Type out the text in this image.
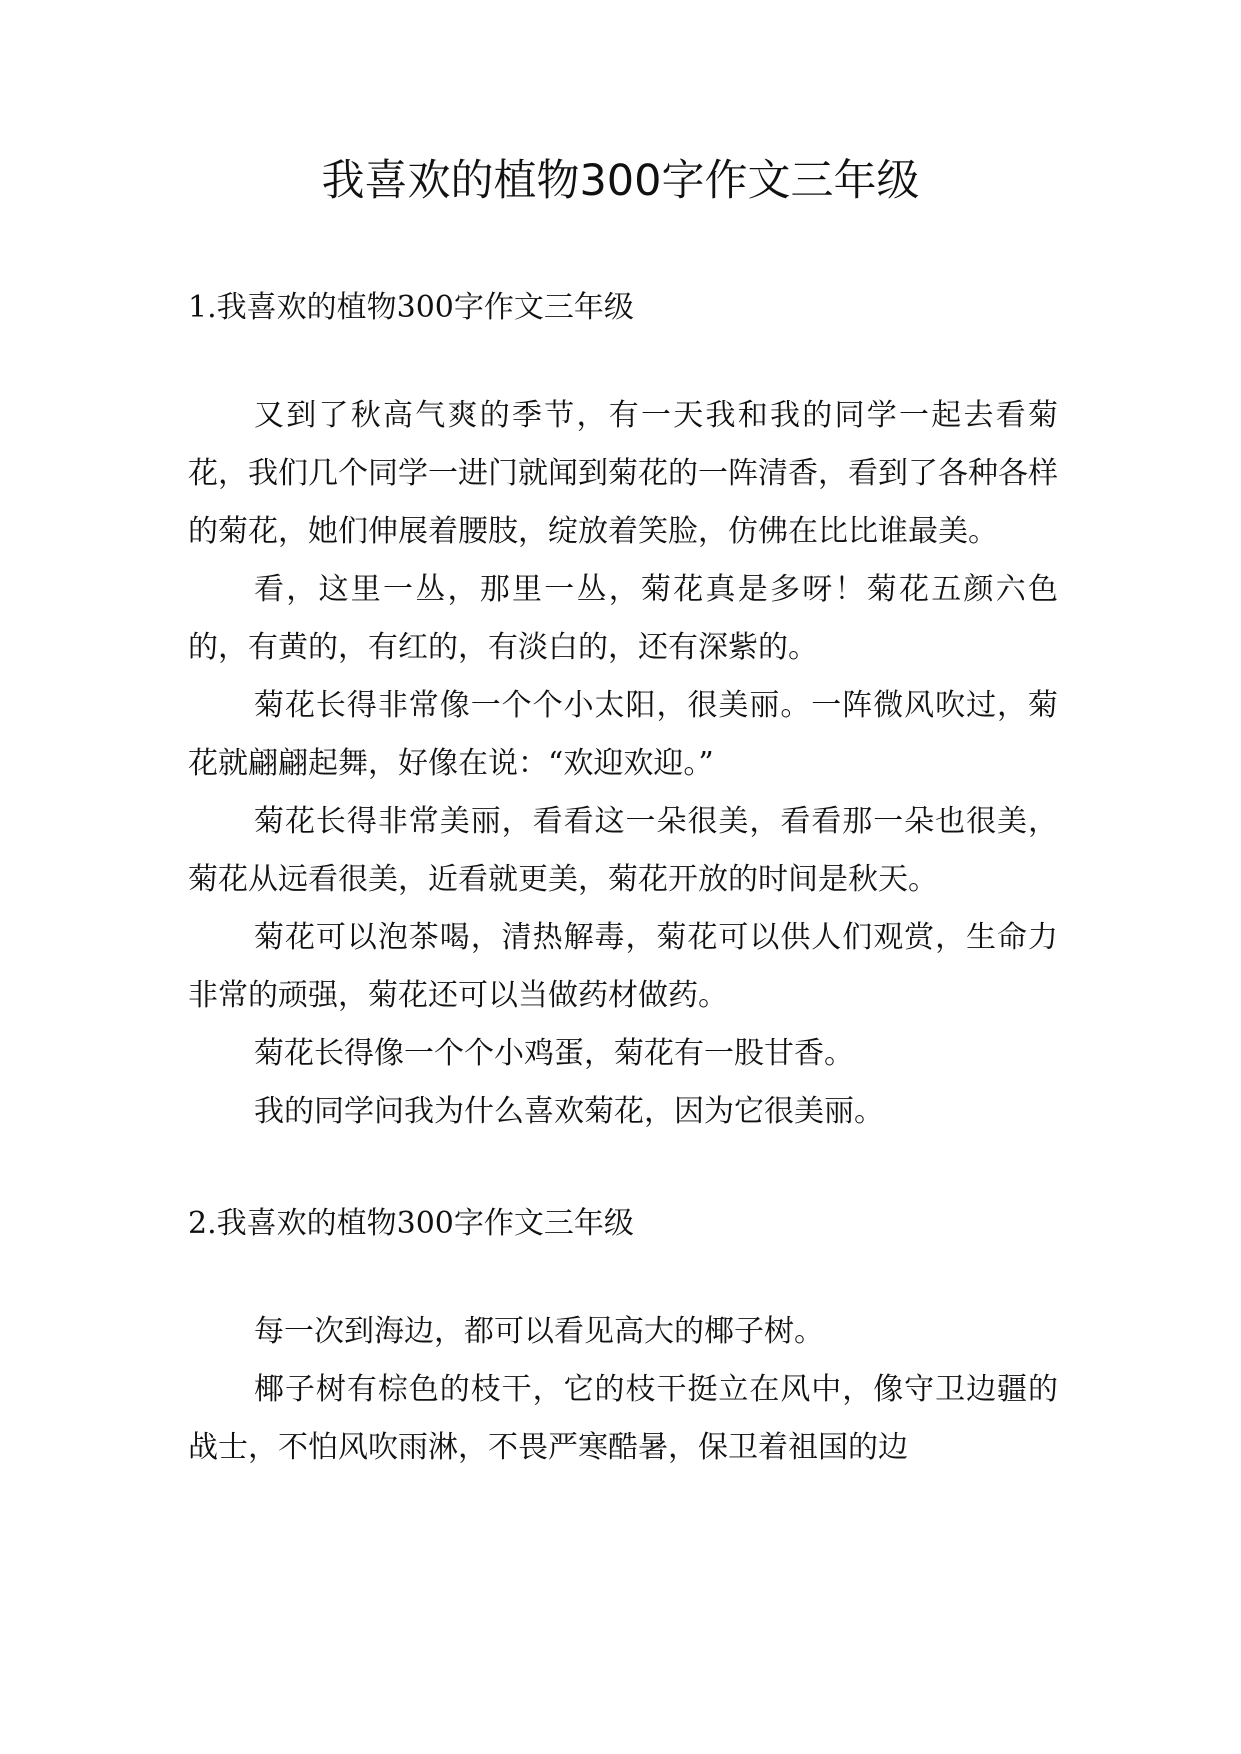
我喜欢的植物300字作文三年级
1.我喜欢的植物300字作文三年级

又到了秋高气爽的季节，有一天我和我的同学一起去看菊花，我们几个同学一进门就闻到菊花的一阵清香，看到了各种各样的菊花，她们伸展着腰肢，绽放着笑脸，仿佛在比比谁最美。

看，这里一丛，那里一丛，菊花真是多呀！菊花五颜六色的，有黄的，有红的，有淡白的，还有深紫的。

菊花长得非常像一个个小太阳，很美丽。一阵微风吹过，菊花就翩翩起舞，好像在说：“欢迎欢迎。”

菊花长得非常美丽，看看这一朵很美，看看那一朵也很美，菊花从远看很美，近看就更美，菊花开放的时间是秋天。

菊花可以泡茶喝，清热解毒，菊花可以供人们观赏，生命力非常的顽强，菊花还可以当做药材做药。

菊花长得像一个个小鸡蛋，菊花有一股甘香。

我的同学问我为什么喜欢菊花，因为它很美丽。

2.我喜欢的植物300字作文三年级

每一次到海边，都可以看见高大的椰子树。

椰子树有棕色的枝干，它的枝干挺立在风中，像守卫边疆的战士，不怕风吹雨淋，不畏严寒酷暑，保卫着祖国的边
